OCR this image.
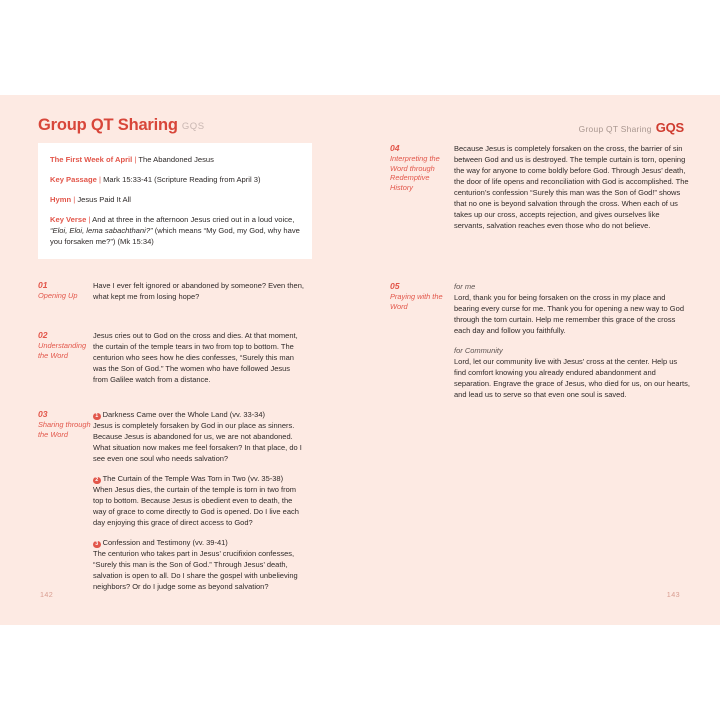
Group QT Sharing GQS
The First Week of April | The Abandoned Jesus
Key Passage | Mark 15:33-41 (Scripture Reading from April 3)
Hymn | Jesus Paid It All
Key Verse | And at three in the afternoon Jesus cried out in a loud voice, “Eloi, Eloi, lema sabachthani?” (which means “My God, my God, why have you forsaken me?”) (Mk 15:34)
01
Opening Up

Have I ever felt ignored or abandoned by someone? Even then, what kept me from losing hope?

02
Understanding the Word

Jesus cries out to God on the cross and dies. At that moment, the curtain of the temple tears in two from top to bottom. The centurion who sees how he dies confesses, “Surely this man was the Son of God.” The women who have followed Jesus from Galilee watch from a distance.

03
Sharing through the Word

1 Darkness Came over the Whole Land (vv. 33-34)
Jesus is completely forsaken by God in our place as sinners. Because Jesus is abandoned for us, we are not abandoned. What situation now makes me feel forsaken? In that place, do I see even one soul who needs salvation?

2 The Curtain of the Temple Was Torn in Two (vv. 35-38)
When Jesus dies, the curtain of the temple is torn in two from top to bottom. Because Jesus is obedient even to death, the way of grace to come directly to God is opened. Do I live each day enjoying this grace of direct access to God?

3 Confession and Testimony (vv. 39-41)
The centurion who takes part in Jesus’ crucifixion confesses, “Surely this man is the Son of God.” Through Jesus’ death, salvation is open to all. Do I share the gospel with unbelieving neighbors? Or do I judge some as beyond salvation?

142
Group QT Sharing GQS
04
Interpreting the Word through Redemptive History

Because Jesus is completely forsaken on the cross, the barrier of sin between God and us is destroyed. The temple curtain is torn, opening the way for anyone to come boldly before God. Through Jesus’ death, the door of life opens and reconciliation with God is accomplished. The centurion’s confession “Surely this man was the Son of God!” shows that no one is beyond salvation through the cross. When each of us takes up our cross, accepts rejection, and gives ourselves like servants, salvation reaches even those who do not believe.

05
Praying with the Word

for me
Lord, thank you for being forsaken on the cross in my place and bearing every curse for me. Thank you for opening a new way to God through the torn curtain. Help me remember this grace of the cross each day and follow you faithfully.

for Community
Lord, let our community live with Jesus’ cross at the center. Help us find comfort knowing you already endured abandonment and separation. Engrave the grace of Jesus, who died for us, on our hearts, and lead us to serve so that even one soul is saved.

143
